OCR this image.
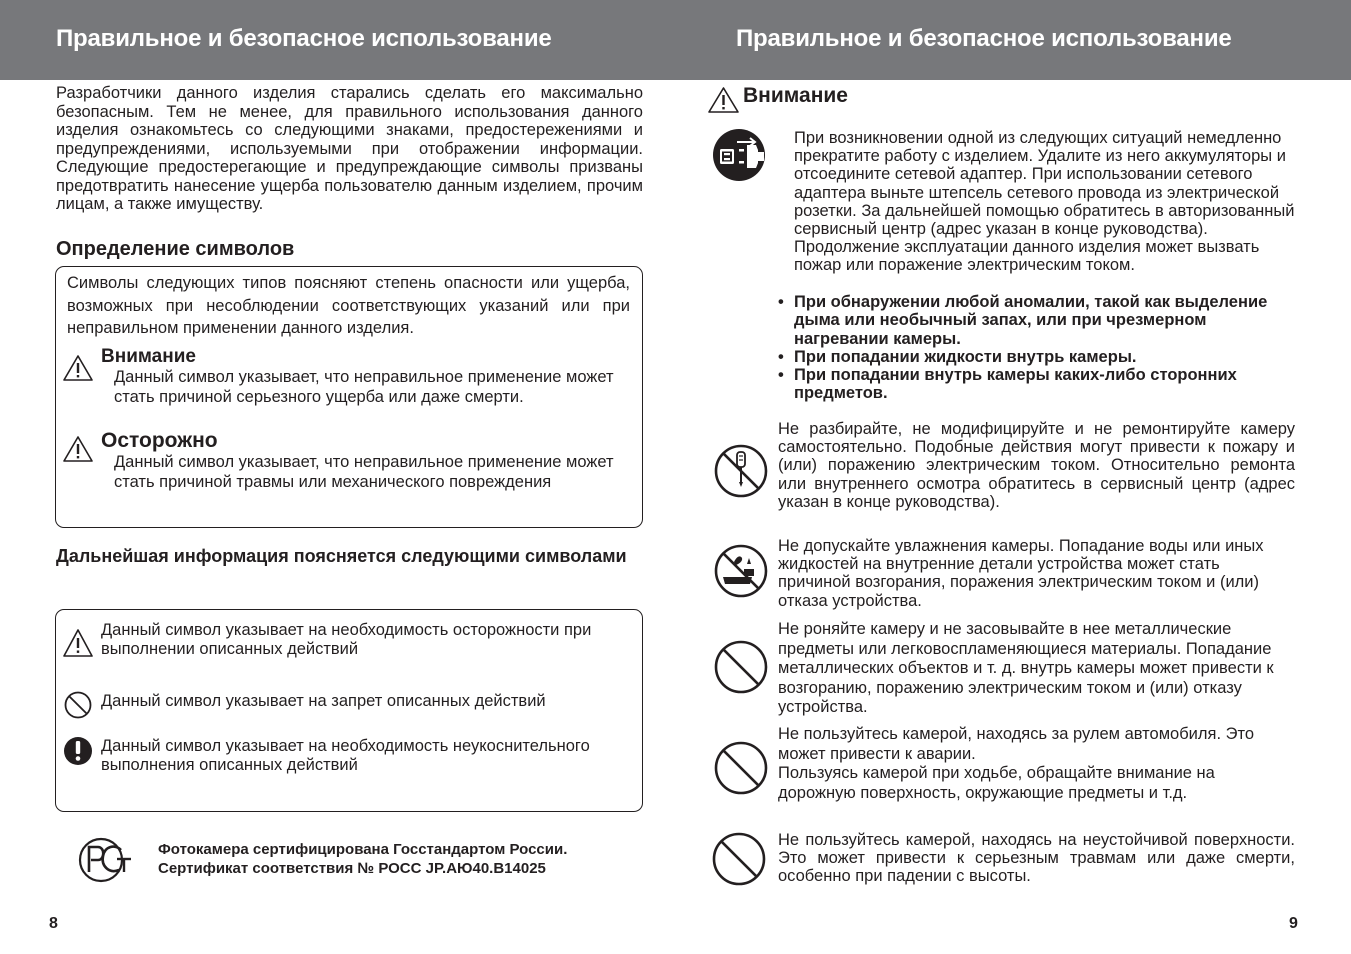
Правильное и безопасное использование	Правильное и безопасное использование

Разработчики данного изделия старались сделать его максимально безопасным. Тем не менее, для правильного использования данного изделия ознакомьтесь со следующими знаками, предостережениями и предупреждениями, используемыми при отображении информации. Следующие предостерегающие и предупреждающие символы призваны предотвратить нанесение ущерба пользователю данным изделием, прочим лицам, а также имуществу.

Определение символов

Символы следующих типов поясняют степень опасности или ущерба, возможных при несоблюдении соответствующих указаний или при неправильном применении данного изделия.

Внимание

Данный символ указывает, что неправильное применение может стать причиной серьезного ущерба или даже смерти.

Осторожно

Данный символ указывает, что неправильное применение может стать причиной травмы или механического повреждения

Дальнейшая информация поясняется следующими символами

Данный символ указывает на необходимость осторожности при выполнении описанных действий

Данный символ указывает на запрет описанных действий

Данный символ указывает на необходимость неукоснительного выполнения описанных действий

Фотокамера сертифицирована Госстандартом России.

Сертификат соответствия № РОСС JP.АЮ40.В14025

8

Внимание

При возникновении одной из следующих ситуаций немедленно прекратите работу с изделием. Удалите из него аккумуляторы и отсоедините сетевой адаптер. При использовании сетевого адаптера выньте штепсель сетевого провода из электрической розетки. За дальнейшей помощью обратитесь в авторизованный сервисный центр (адрес указан в конце руководства). Продолжение эксплуатации данного изделия может вызвать пожар или поражение электрическим током.

• При обнаружении любой аномалии, такой как выделение дыма или необычный запах, или при чрезмерном нагревании камеры.
• При попадании жидкости внутрь камеры.
• При попадании внутрь камеры каких-либо сторонних предметов.

Не разбирайте, не модифицируйте и не ремонтируйте камеру самостоятельно. Подобные действия могут привести к пожару и (или) поражению электрическим током. Относительно ремонта или внутреннего осмотра обратитесь в сервисный центр (адрес указан в конце руководства).

Не допускайте увлажнения камеры. Попадание воды или иных жидкостей на внутренние детали устройства может стать причиной возгорания, поражения электрическим током и (или) отказа устройства.

Не роняйте камеру и не засовывайте в нее металлические предметы или легковоспламеняющиеся материалы. Попадание металлических объектов и т. д. внутрь камеры может привести к возгоранию, поражению электрическим током и (или) отказу устройства.

Не пользуйтесь камерой, находясь за рулем автомобиля. Это может привести к аварии.

Пользуясь камерой при ходьбе, обращайте внимание на дорожную поверхность, окружающие предметы и т.д.

Не пользуйтесь камерой, находясь на неустойчивой поверхности. Это может привести к серьезным травмам или даже смерти, особенно при падении с высоты.

9
